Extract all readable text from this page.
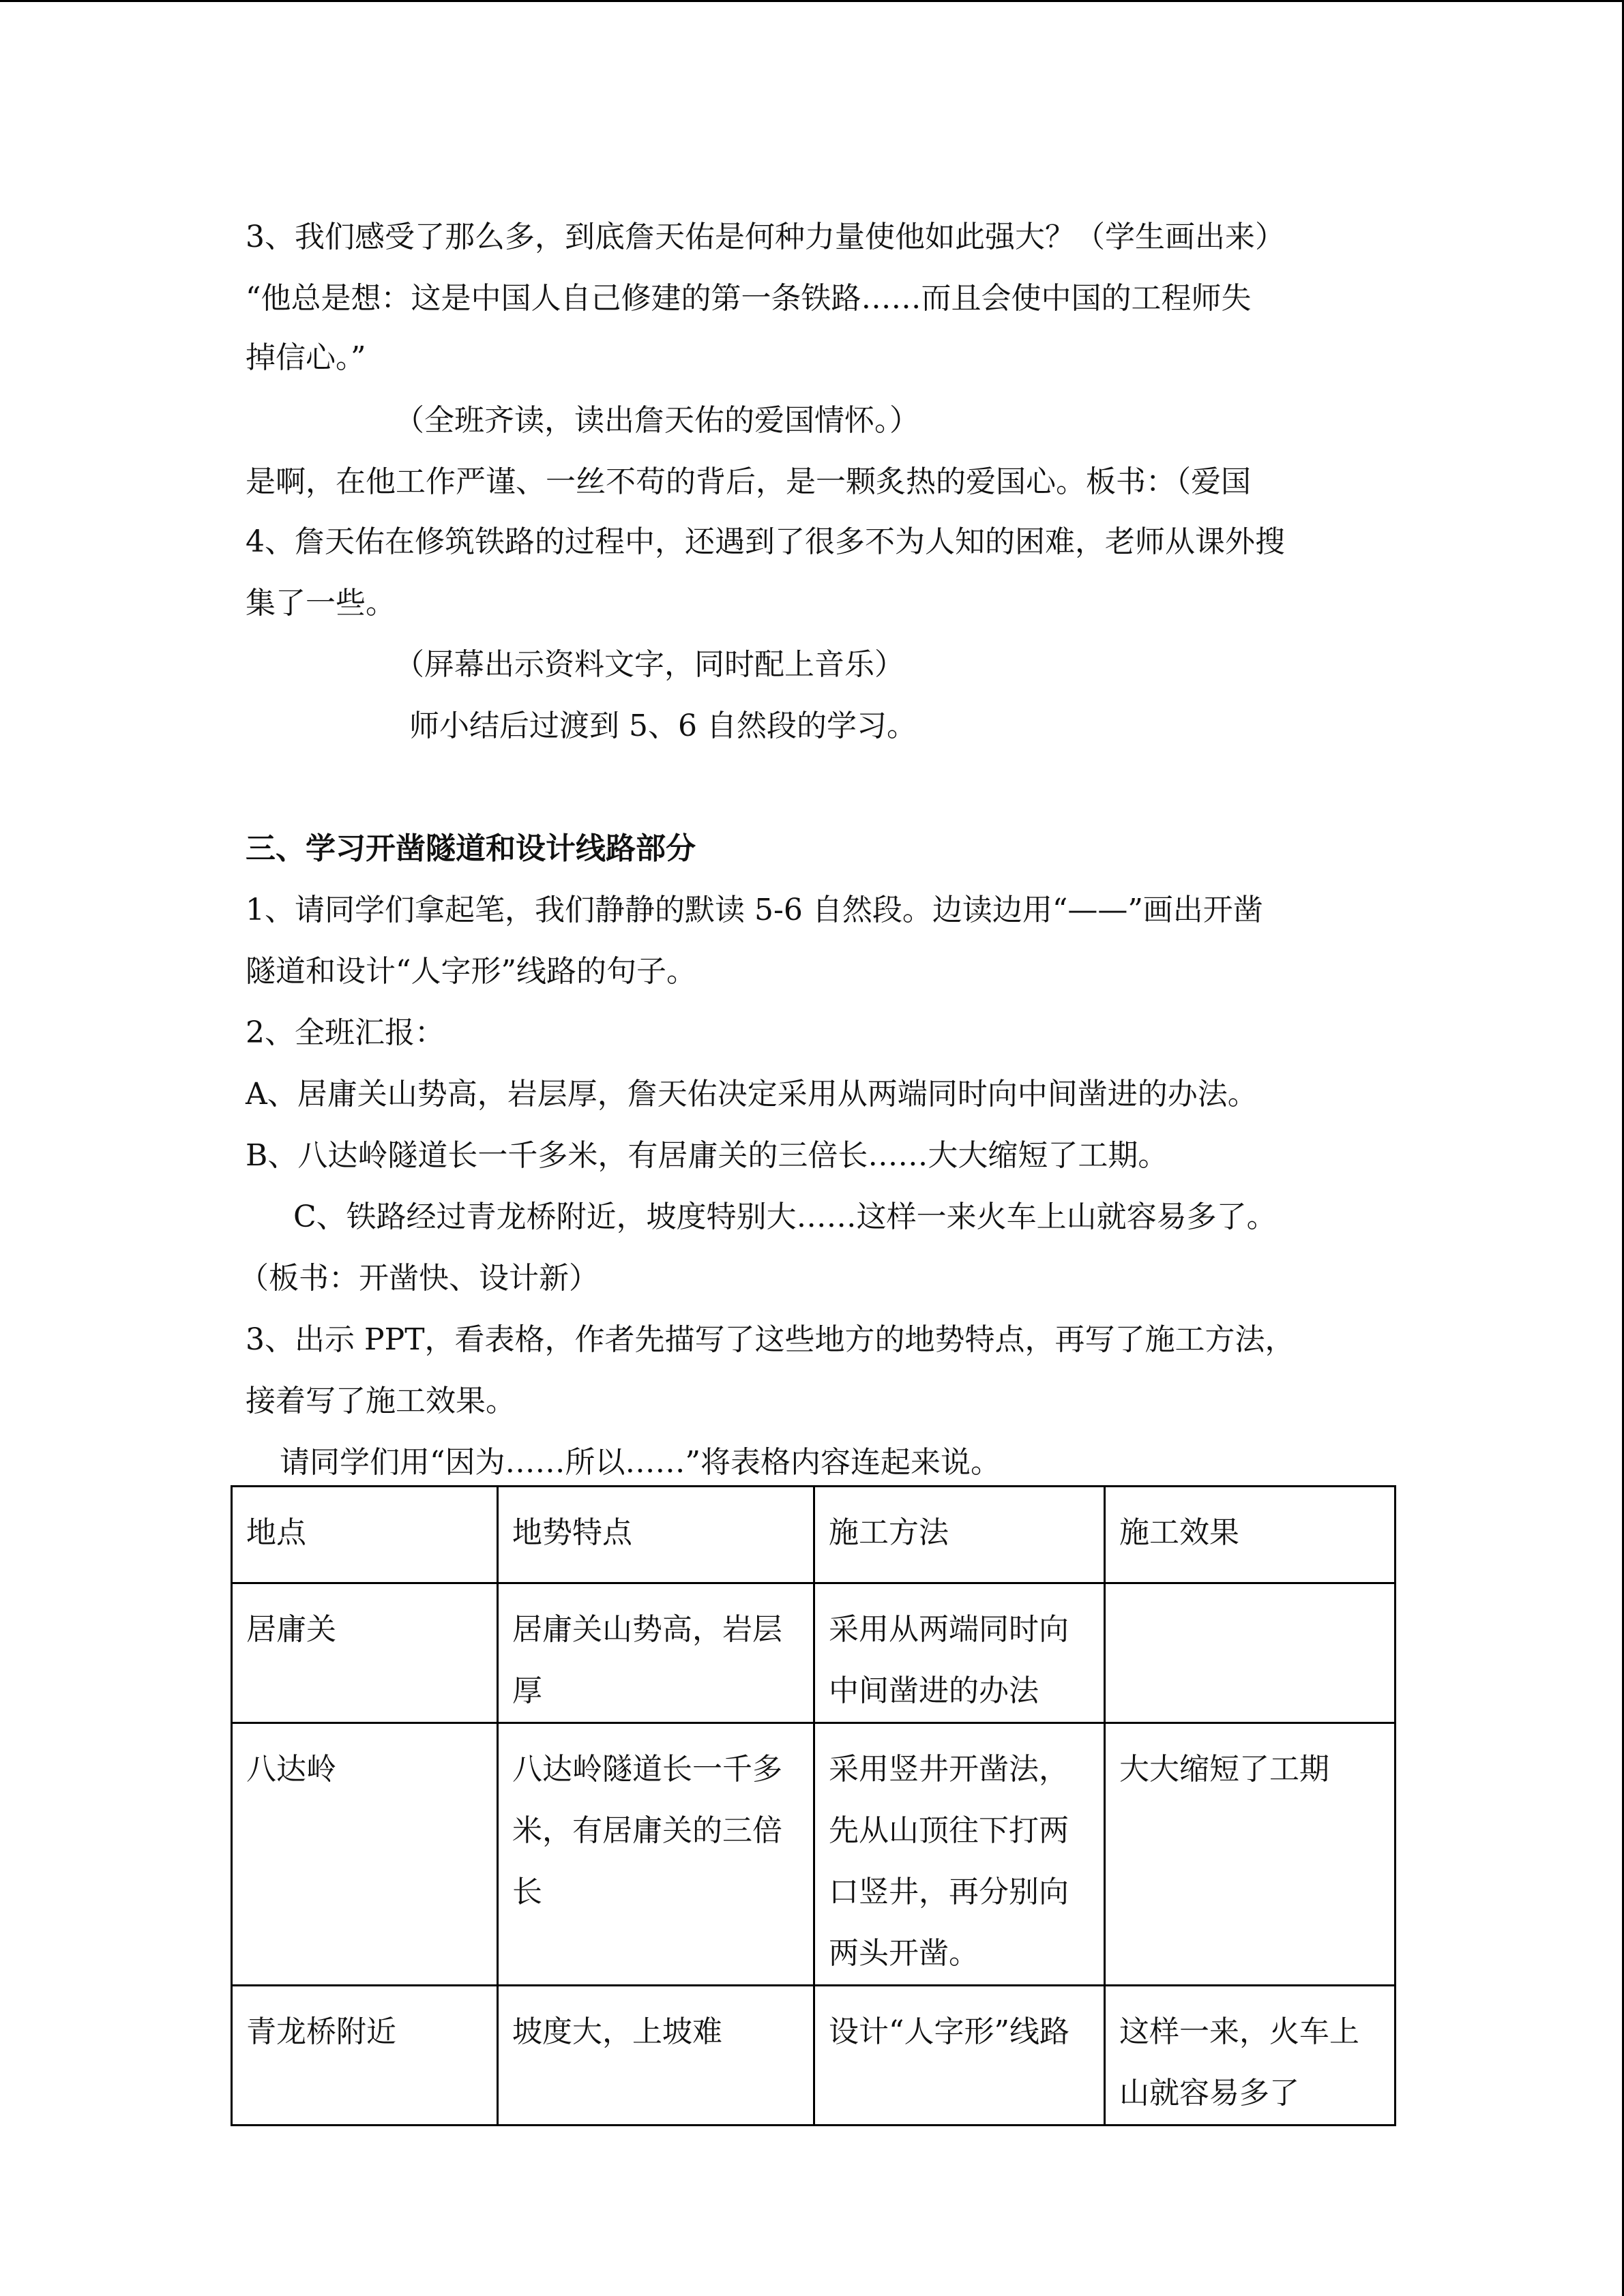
3、我们感受了那么多，到底詹天佑是何种力量使他如此强大？（学生画出来）
“他总是想：这是中国人自己修建的第一条铁路……而且会使中国的工程师失
掉信心。”
（全班齐读，读出詹天佑的爱国情怀。）
是啊，在他工作严谨、一丝不苟的背后，是一颗炙热的爱国心。板书：（爱国
4、詹天佑在修筑铁路的过程中，还遇到了很多不为人知的困难，老师从课外搜
集了一些。
（屏幕出示资料文字，同时配上音乐）
师小结后过渡到 5、6 自然段的学习。
三、学习开凿隧道和设计线路部分
1、请同学们拿起笔，我们静静的默读 5-6 自然段。边读边用“——”画出开凿
隧道和设计“人字形”线路的句子。
2、全班汇报：
A、居庸关山势高，岩层厚，詹天佑决定采用从两端同时向中间凿进的办法。
B、八达岭隧道长一千多米，有居庸关的三倍长……大大缩短了工期。
C、铁路经过青龙桥附近，坡度特别大……这样一来火车上山就容易多了。
（板书：开凿快、设计新）
3、出示 PPT，看表格，作者先描写了这些地方的地势特点，再写了施工方法，
接着写了施工效果。
请同学们用“因为……所以……”将表格内容连起来说。
地点	地势特点	施工方法	施工效果
居庸关	居庸关山势高，岩层厚	采用从两端同时向中间凿进的办法	
八达岭	八达岭隧道长一千多米，有居庸关的三倍长	采用竖井开凿法，先从山顶往下打两口竖井，再分别向两头开凿。	大大缩短了工期
青龙桥附近	坡度大，上坡难	设计“人字形”线路	这样一来，火车上山就容易多了
